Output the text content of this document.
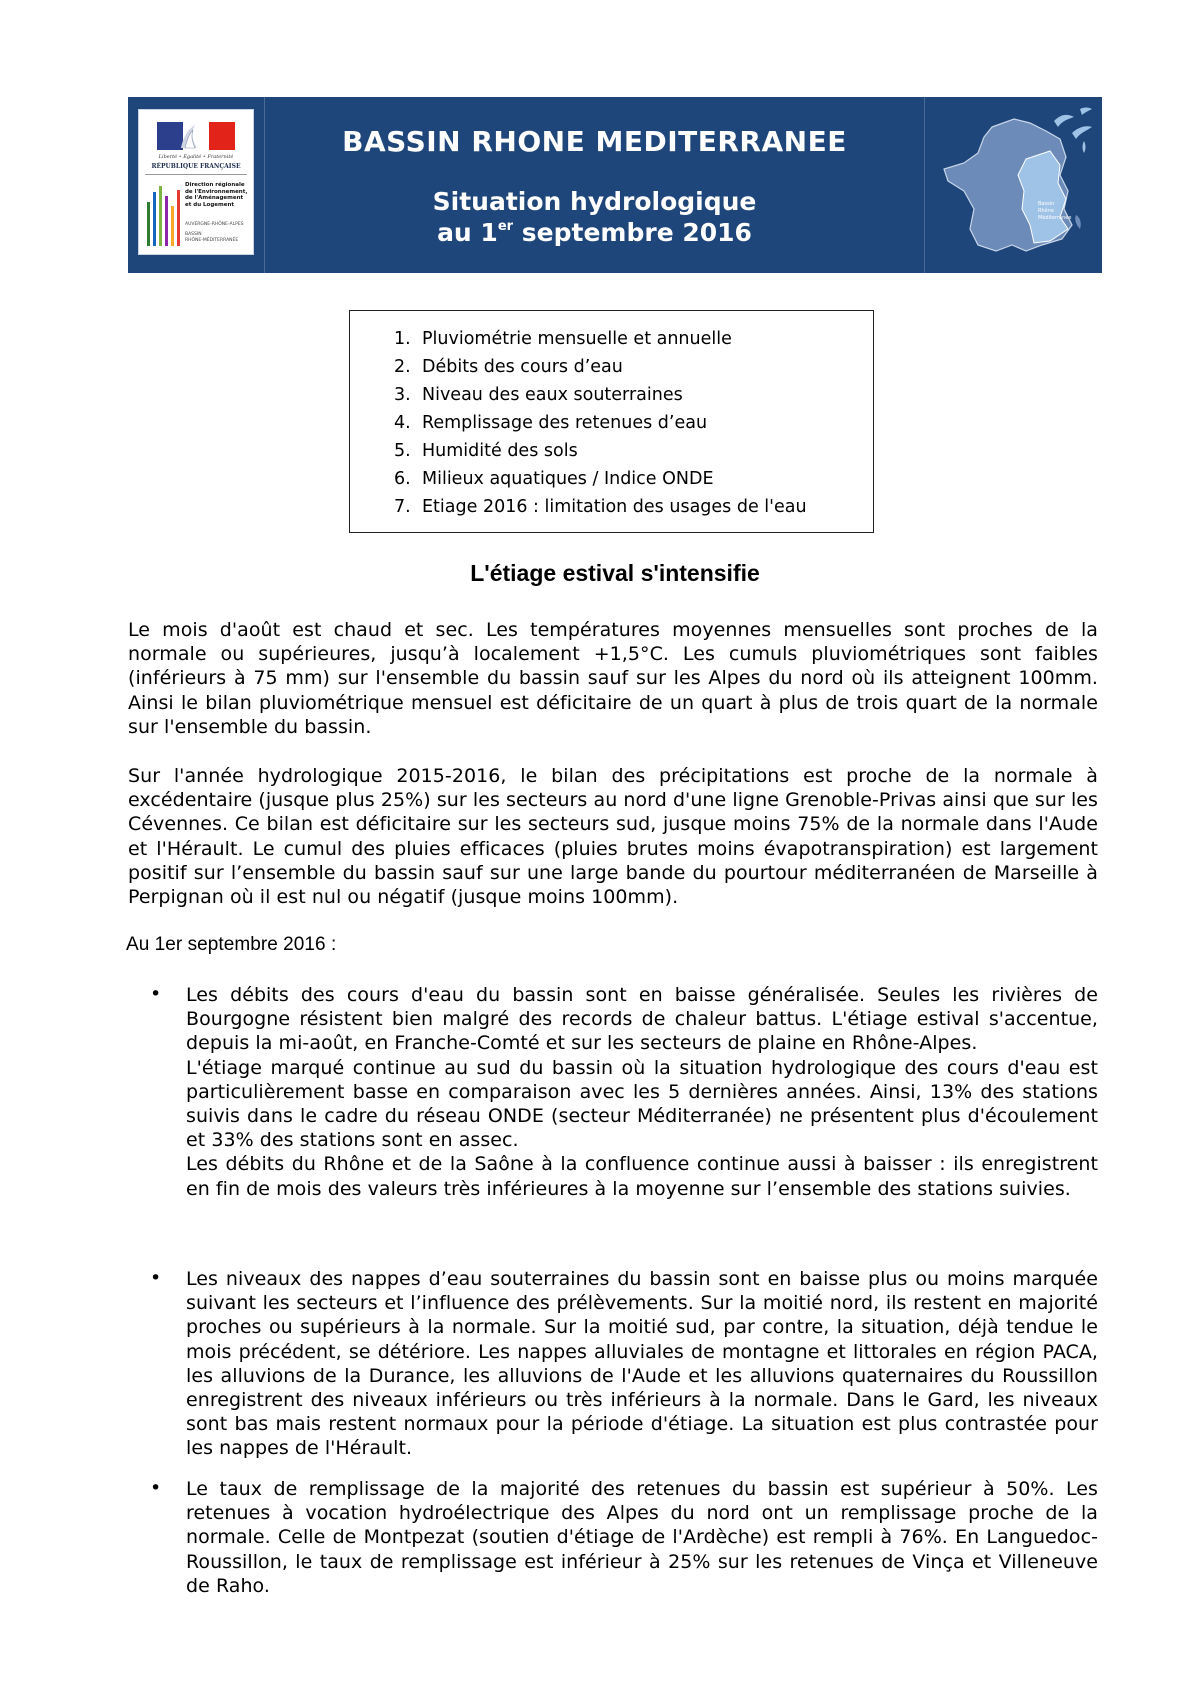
Liberté • Égalité • Fraternité
RÉPUBLIQUE FRANÇAISE
Direction régionale
de l'Environnement,
de l'Aménagement
et du Logement
AUVERGNE-RHÔNE-ALPES
BASSIN
RHÔNE-MÉDITERRANÉE
BASSIN RHONE MEDITERRANEE
Situation hydrologique
au 1er septembre 2016
Bassin
Rhône
Méditerranée
1. Pluviométrie mensuelle et annuelle
2. Débits des cours d’eau
3. Niveau des eaux souterraines
4. Remplissage des retenues d’eau
5. Humidité des sols
6. Milieux aquatiques / Indice ONDE
7. Etiage 2016 : limitation des usages de l'eau
L'étiage estival s'intensifie
Le mois d'août est chaud et sec. Les températures moyennes mensuelles sont proches de la normale ou supérieures, jusqu’à localement +1,5°C. Les cumuls pluviométriques sont faibles (inférieurs à 75 mm) sur l'ensemble du bassin sauf sur les Alpes du nord où ils atteignent 100mm. Ainsi le bilan pluviométrique mensuel est déficitaire de un quart à plus de trois quart de la normale sur l'ensemble du bassin.
Sur l'année hydrologique 2015-2016, le bilan des précipitations est proche de la normale à excédentaire (jusque plus 25%) sur les secteurs au nord d'une ligne Grenoble-Privas ainsi que sur les Cévennes. Ce bilan est déficitaire sur les secteurs sud, jusque moins 75% de la normale dans l'Aude et l'Hérault. Le cumul des pluies efficaces (pluies brutes moins évapotranspiration) est largement positif sur l’ensemble du bassin sauf sur une large bande du pourtour méditerranéen de Marseille à Perpignan où il est nul ou négatif (jusque moins 100mm).
Au 1er septembre 2016 :
• Les débits des cours d'eau du bassin sont en baisse généralisée. Seules les rivières de Bourgogne résistent bien malgré des records de chaleur battus. L'étiage estival s'accentue, depuis la mi-août, en Franche-Comté et sur les secteurs de plaine en Rhône-Alpes.
L'étiage marqué continue au sud du bassin où la situation hydrologique des cours d'eau est particulièrement basse en comparaison avec les 5 dernières années. Ainsi, 13% des stations suivis dans le cadre du réseau ONDE (secteur Méditerranée) ne présentent plus d'écoulement et 33% des stations sont en assec.
Les débits du Rhône et de la Saône à la confluence continue aussi à baisser : ils enregistrent en fin de mois des valeurs très inférieures à la moyenne sur l’ensemble des stations suivies.
• Les niveaux des nappes d’eau souterraines du bassin sont en baisse plus ou moins marquée suivant les secteurs et l’influence des prélèvements. Sur la moitié nord, ils restent en majorité proches ou supérieurs à la normale. Sur la moitié sud, par contre, la situation, déjà tendue le mois précédent, se détériore. Les nappes alluviales de montagne et littorales en région PACA, les alluvions de la Durance, les alluvions de l'Aude et les alluvions quaternaires du Roussillon enregistrent des niveaux inférieurs ou très inférieurs à la normale. Dans le Gard, les niveaux sont bas mais restent normaux pour la période d'étiage. La situation est plus contrastée pour les nappes de l'Hérault.
• Le taux de remplissage de la majorité des retenues du bassin est supérieur à 50%. Les retenues à vocation hydroélectrique des Alpes du nord ont un remplissage proche de la normale. Celle de Montpezat (soutien d'étiage de l'Ardèche) est rempli à 76%. En Languedoc-Roussillon, le taux de remplissage est inférieur à 25% sur les retenues de Vinça et Villeneuve de Raho.
